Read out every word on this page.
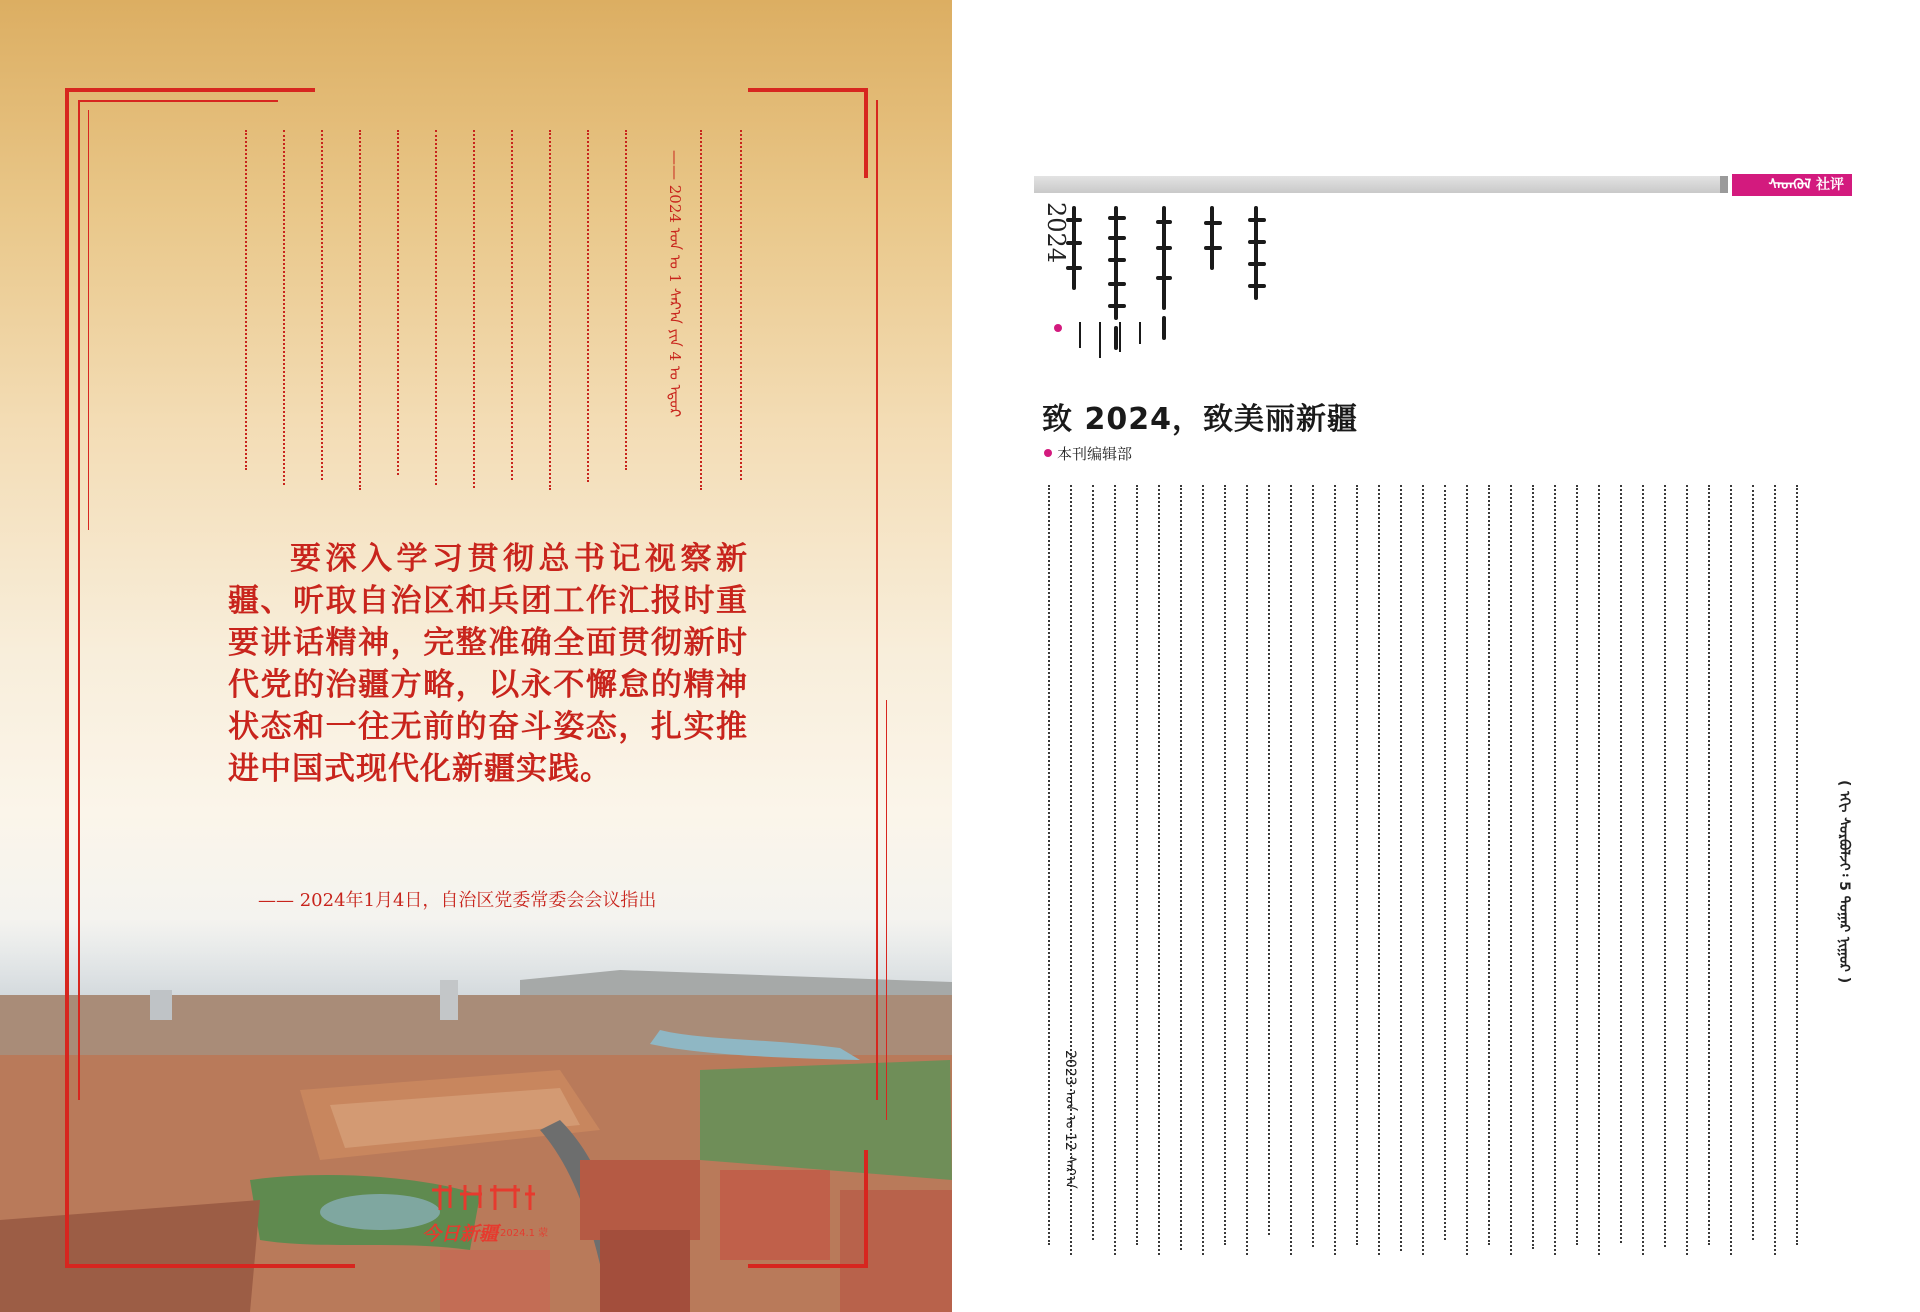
—— 2024 ᠣᠨ ᠤ 1 ᠰᠠᠷ᠎ᠠ ᠶᠢᠨ 4 ᠤ ᠡᠳᠦᠷ
要深入学习贯彻总书记视察新疆、听取自治区和兵团工作汇报时重要讲话精神，完整准确全面贯彻新时代党的治疆方略，以永不懈怠的精神状态和一往无前的奋斗姿态，扎实推进中国式现代化新疆实践。
—— 2024年1月4日，自治区党委常委会会议指出
今日新疆 2024.1 蒙
ᠰᠡᠳᠬᠦᠯ 社评
2024
致 2024，致美丽新疆
本刊编辑部
2023 ᠣᠨ ᠤ 12 ᠰᠠᠷ᠎ᠠ
( ᠡᠬᠢ ᠰᠤᠷᠪᠤᠯᠵᠢ᠄ 5 ᠳᠤᠭᠠᠷ ᠨᠢᠭᠤᠷ )
